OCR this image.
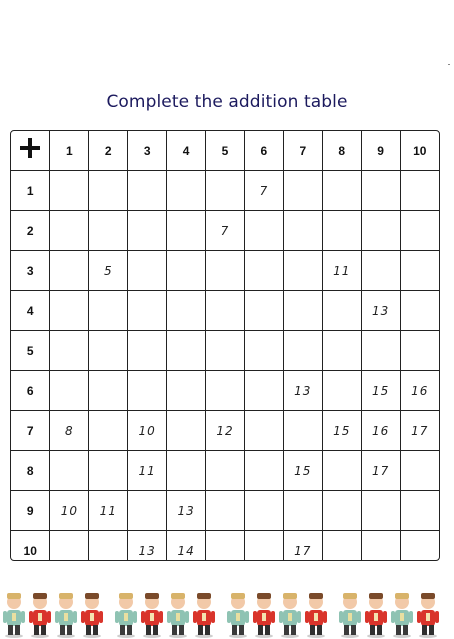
Complete the addition table
	1	2	3	4	5	6	7	8	9	10
1						7				
2					7					
3		5						11		
4									13	
5										
6							13		15	16
7	8		10		12			15	16	17
8			11				15		17	
9	10	11		13						
10			13	14			17			
